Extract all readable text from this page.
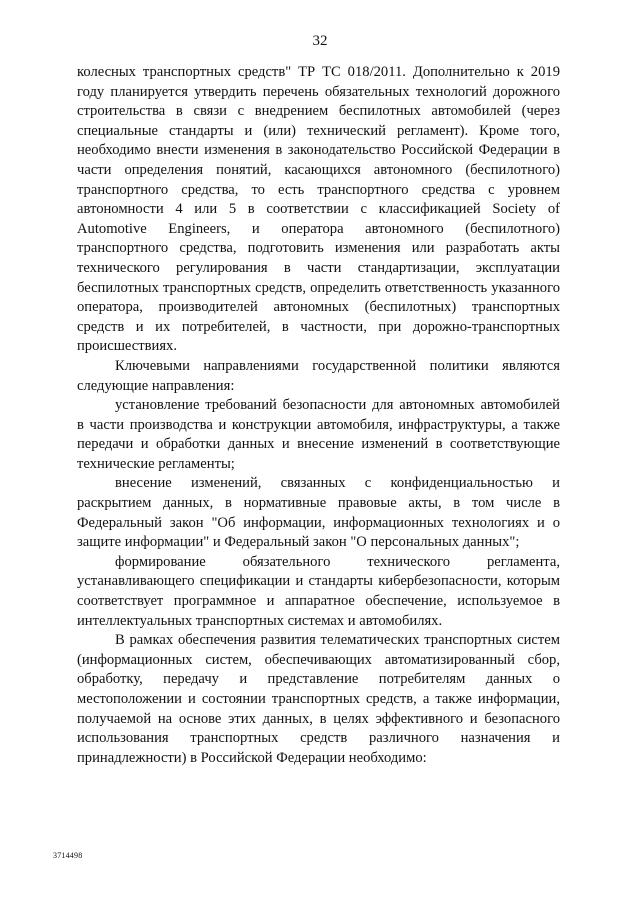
32

колесных транспортных средств" ТР ТС 018/2011. Дополнительно к 2019 году планируется утвердить перечень обязательных технологий дорожного строительства в связи с внедрением беспилотных автомобилей (через специальные стандарты и (или) технический регламент). Кроме того, необходимо внести изменения в законодательство Российской Федерации в части определения понятий, касающихся автономного (беспилотного) транспортного средства, то есть транспортного средства с уровнем автономности 4 или 5 в соответствии с классификацией Society of Automotive Engineers, и оператора автономного (беспилотного) транспортного средства, подготовить изменения или разработать акты технического регулирования в части стандартизации, эксплуатации беспилотных транспортных средств, определить ответственность указанного оператора, производителей автономных (беспилотных) транспортных средств и их потребителей, в частности, при дорожно-транспортных происшествиях.

Ключевыми направлениями государственной политики являются следующие направления:

установление требований безопасности для автономных автомобилей в части производства и конструкции автомобиля, инфраструктуры, а также передачи и обработки данных и внесение изменений в соответствующие технические регламенты;

внесение изменений, связанных с конфиденциальностью и раскрытием данных, в нормативные правовые акты, в том числе в Федеральный закон "Об информации, информационных технологиях и о защите информации" и Федеральный закон "О персональных данных";

формирование обязательного технического регламента, устанавливающего спецификации и стандарты кибербезопасности, которым соответствует программное и аппаратное обеспечение, используемое в интеллектуальных транспортных системах и автомобилях.

В рамках обеспечения развития телематических транспортных систем (информационных систем, обеспечивающих автоматизированный сбор, обработку, передачу и представление потребителям данных о местоположении и состоянии транспортных средств, а также информации, получаемой на основе этих данных, в целях эффективного и безопасного использования транспортных средств различного назначения и принадлежности) в Российской Федерации необходимо:

3714498
